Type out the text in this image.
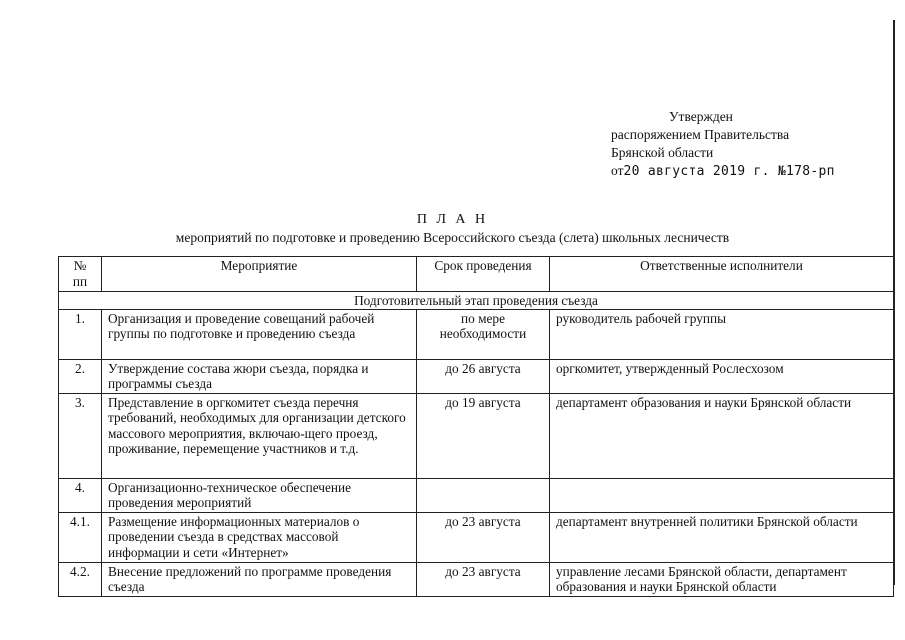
Утвержден
распоряжением Правительства
Брянской области
от20 августа 2019 г. №178-рп
П Л А Н
мероприятий по подготовке и проведению Всероссийского съезда (слета) школьных лесничеств
№ пп	Мероприятие	Срок проведения	Ответственные исполнители
Подготовительный этап проведения съезда			
1.	Организация и проведение совещаний рабочей группы по подготовке и проведению съезда	по мере необходимости	руководитель рабочей группы
2.	Утверждение состава жюри съезда, порядка и программы съезда	до 26 августа	оргкомитет, утвержденный Рослесхозом
3.	Представление в оргкомитет съезда перечня требований, необходимых для организации детского массового мероприятия, включаю-щего проезд, проживание, перемещение участников и т.д.	до 19 августа	департамент образования и науки Брянской области
4.	Организационно-техническое обеспечение проведения мероприятий		
4.1.	Размещение информационных материалов о проведении съезда в средствах массовой информации и сети «Интернет»	до 23 августа	департамент внутренней политики Брянской области
4.2.	Внесение предложений по программе проведения съезда	до 23 августа	управление лесами Брянской области, департамент образования и науки Брянской области
